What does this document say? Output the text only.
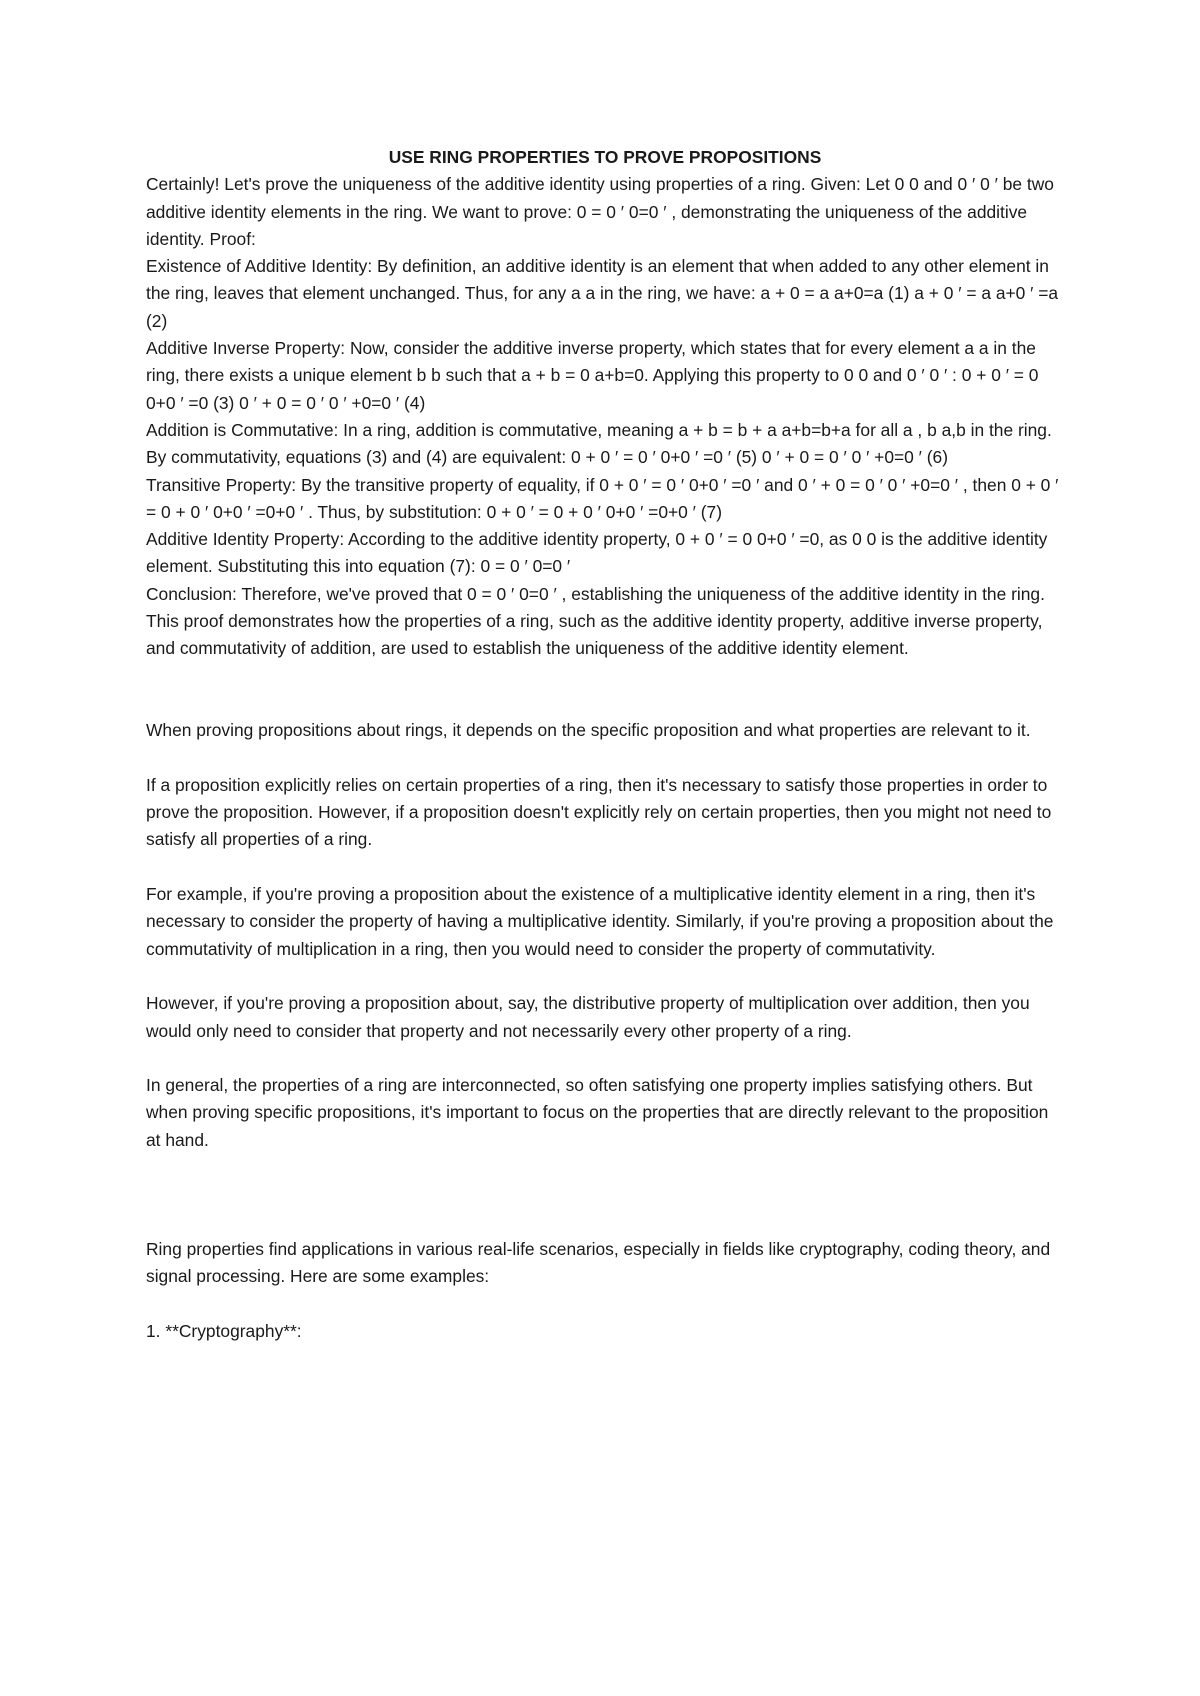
USE RING PROPERTIES TO PROVE PROPOSITIONS

Certainly! Let's prove the uniqueness of the additive identity using properties of a ring. Given: Let 0 0 and 0 ′ 0 ′ be two additive identity elements in the ring. We want to prove: 0 = 0 ′ 0=0 ′ , demonstrating the uniqueness of the additive identity. Proof:

Existence of Additive Identity: By definition, an additive identity is an element that when added to any other element in the ring, leaves that element unchanged. Thus, for any a a in the ring, we have: a + 0 = a a+0=a (1) a + 0 ′ = a a+0 ′ =a (2)

Additive Inverse Property: Now, consider the additive inverse property, which states that for every element a a in the ring, there exists a unique element b b such that a + b = 0 a+b=0. Applying this property to 0 0 and 0 ′ 0 ′ : 0 + 0 ′ = 0 0+0 ′ =0 (3) 0 ′ + 0 = 0 ′ 0 ′ +0=0 ′ (4)

Addition is Commutative: In a ring, addition is commutative, meaning a + b = b + a a+b=b+a for all a , b a,b in the ring. By commutativity, equations (3) and (4) are equivalent: 0 + 0 ′ = 0 ′ 0+0 ′ =0 ′ (5) 0 ′ + 0 = 0 ′ 0 ′ +0=0 ′ (6)

Transitive Property: By the transitive property of equality, if 0 + 0 ′ = 0 ′ 0+0 ′ =0 ′ and 0 ′ + 0 = 0 ′ 0 ′ +0=0 ′ , then 0 + 0 ′ = 0 + 0 ′ 0+0 ′ =0+0 ′ . Thus, by substitution: 0 + 0 ′ = 0 + 0 ′ 0+0 ′ =0+0 ′ (7)

Additive Identity Property: According to the additive identity property, 0 + 0 ′ = 0 0+0 ′ =0, as 0 0 is the additive identity element. Substituting this into equation (7): 0 = 0 ′ 0=0 ′

Conclusion: Therefore, we've proved that 0 = 0 ′ 0=0 ′ , establishing the uniqueness of the additive identity in the ring.

This proof demonstrates how the properties of a ring, such as the additive identity property, additive inverse property, and commutativity of addition, are used to establish the uniqueness of the additive identity element.

When proving propositions about rings, it depends on the specific proposition and what properties are relevant to it.

If a proposition explicitly relies on certain properties of a ring, then it's necessary to satisfy those properties in order to prove the proposition. However, if a proposition doesn't explicitly rely on certain properties, then you might not need to satisfy all properties of a ring.

For example, if you're proving a proposition about the existence of a multiplicative identity element in a ring, then it's necessary to consider the property of having a multiplicative identity. Similarly, if you're proving a proposition about the commutativity of multiplication in a ring, then you would need to consider the property of commutativity.

However, if you're proving a proposition about, say, the distributive property of multiplication over addition, then you would only need to consider that property and not necessarily every other property of a ring.

In general, the properties of a ring are interconnected, so often satisfying one property implies satisfying others. But when proving specific propositions, it's important to focus on the properties that are directly relevant to the proposition at hand.

Ring properties find applications in various real-life scenarios, especially in fields like cryptography, coding theory, and signal processing. Here are some examples:

1. **Cryptography**:
